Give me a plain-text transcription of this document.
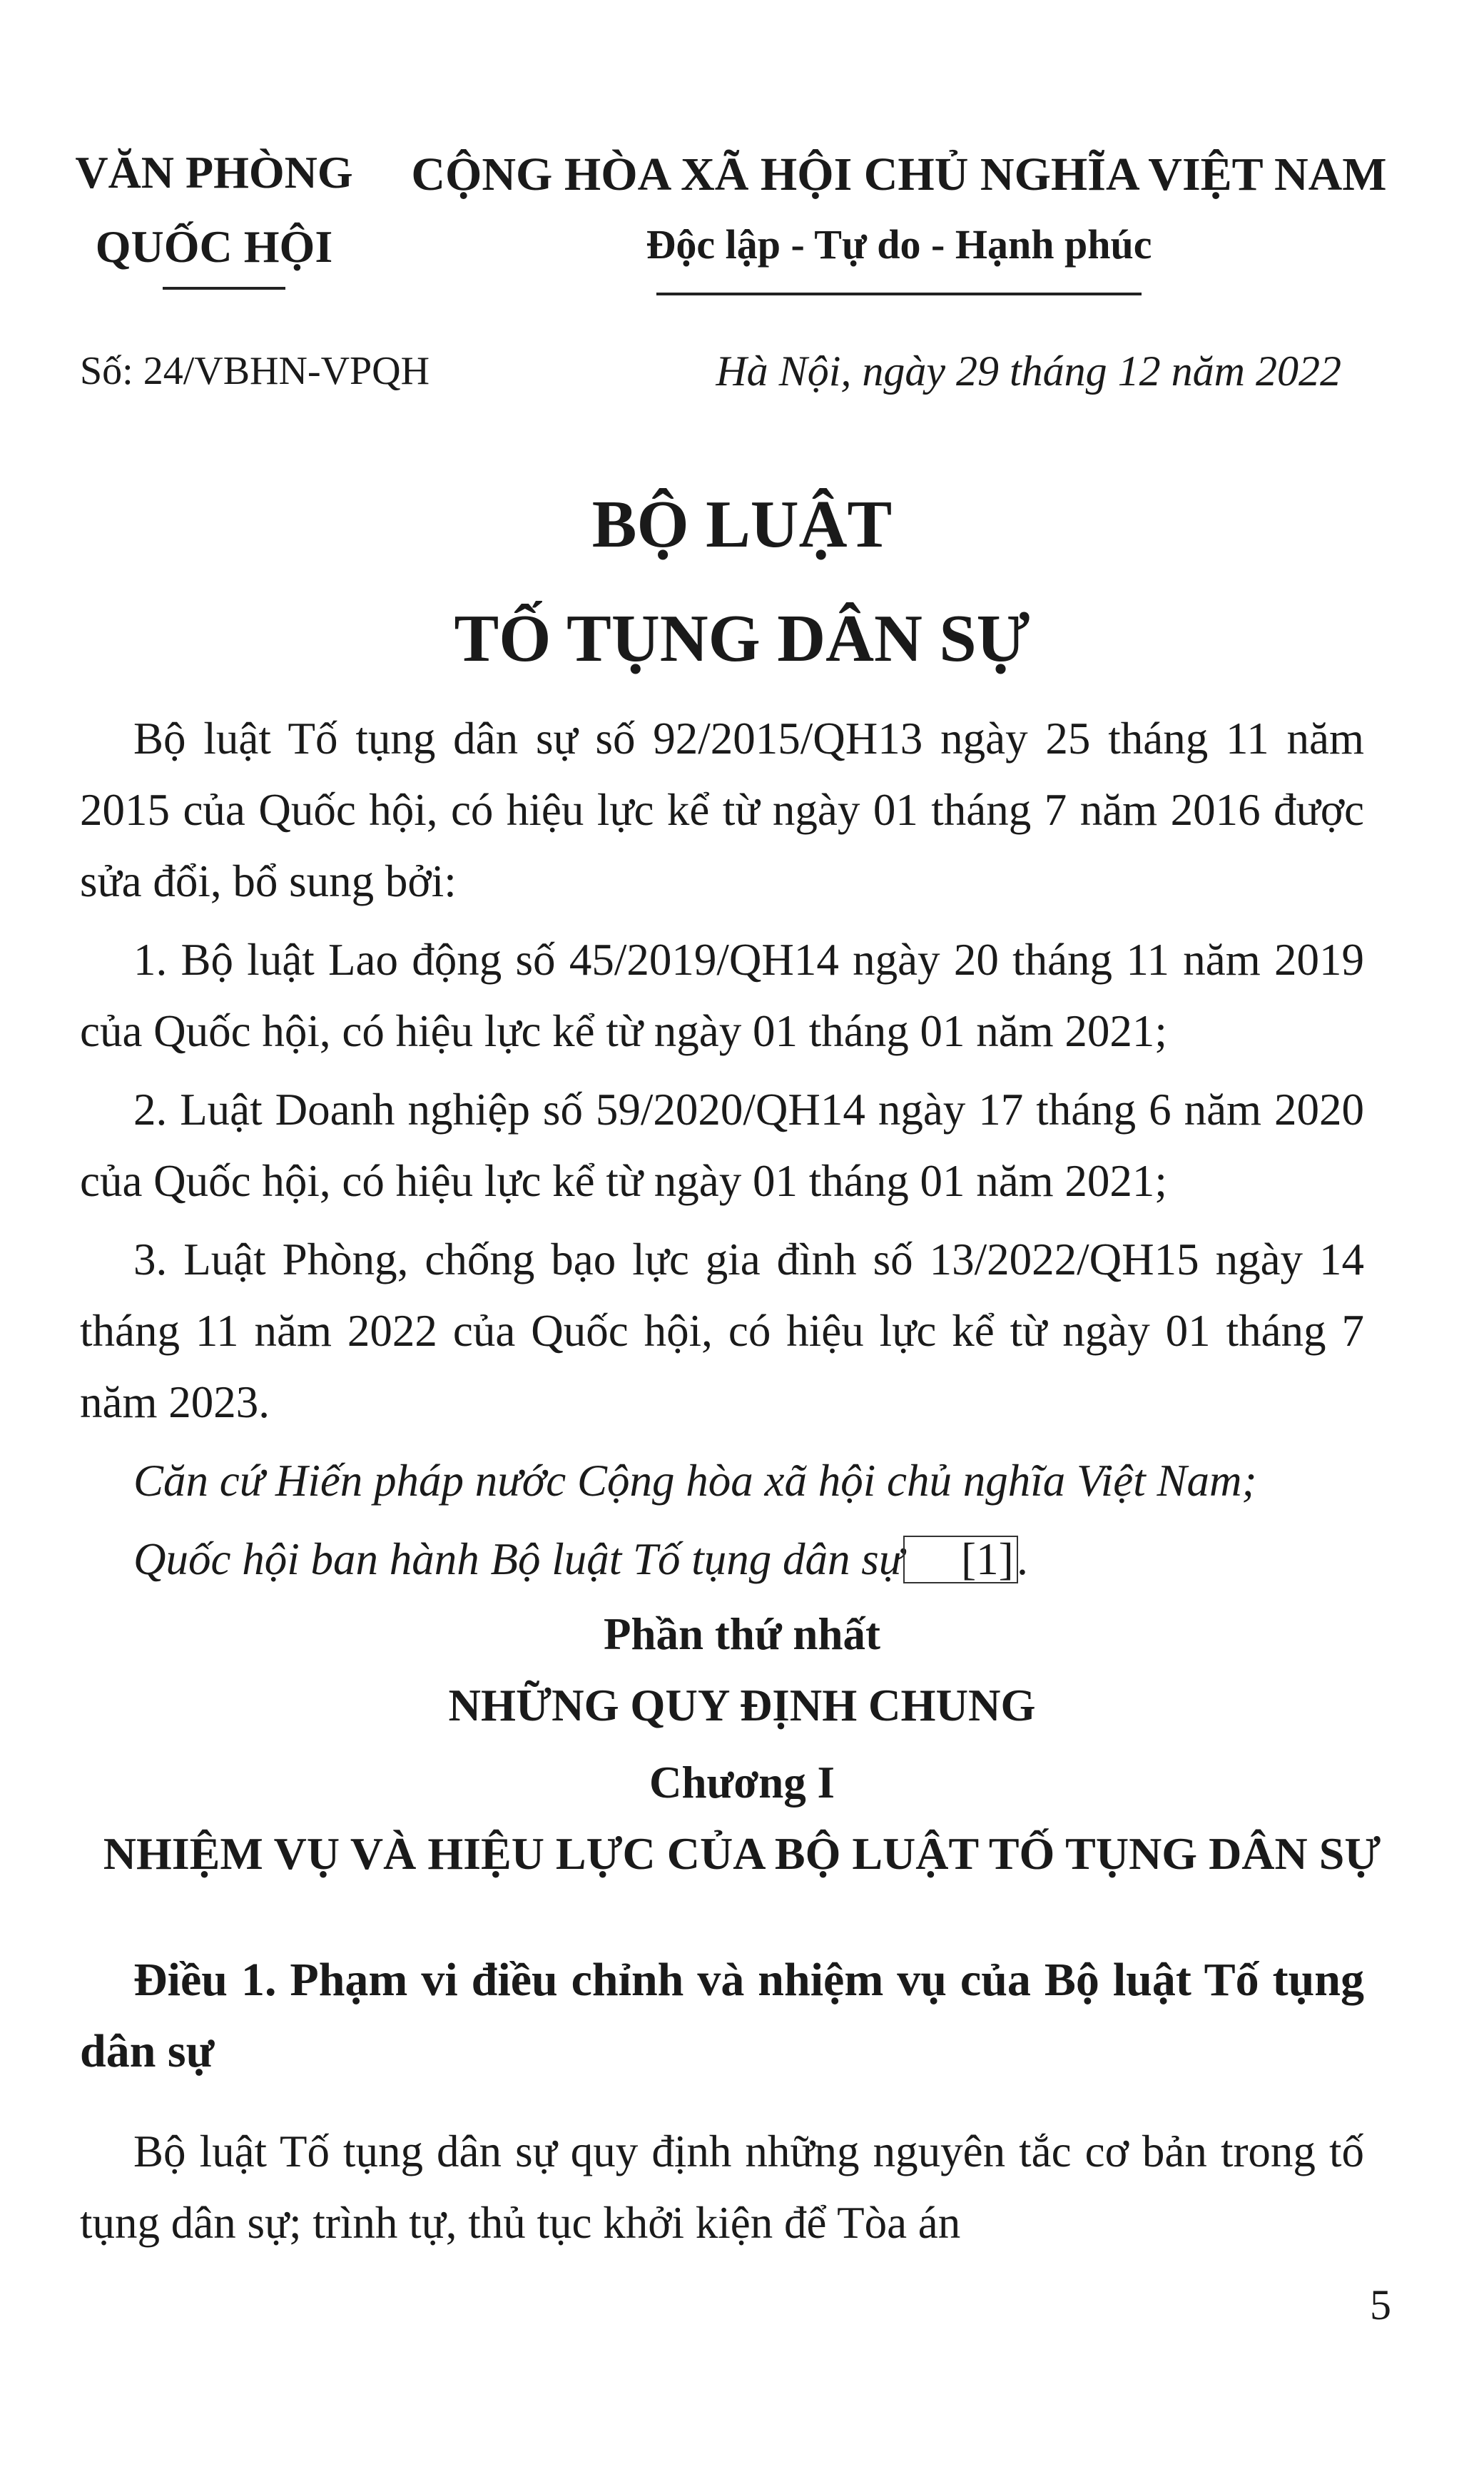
VĂN PHÒNG
QUỐC HỘI
CỘNG HÒA XÃ HỘI CHỦ NGHĨA VIỆT NAM
Độc lập - Tự do - Hạnh phúc
Số: 24/VBHN-VPQH	Hà Nội, ngày 29 tháng 12 năm 2022
BỘ LUẬT
TỐ TỤNG DÂN SỰ

Bộ luật Tố tụng dân sự số 92/2015/QH13 ngày 25 tháng 11 năm 2015 của Quốc hội, có hiệu lực kể từ ngày 01 tháng 7 năm 2016 được sửa đổi, bổ sung bởi:

1. Bộ luật Lao động số 45/2019/QH14 ngày 20 tháng 11 năm 2019 của Quốc hội, có hiệu lực kể từ ngày 01 tháng 01 năm 2021;

2. Luật Doanh nghiệp số 59/2020/QH14 ngày 17 tháng 6 năm 2020 của Quốc hội, có hiệu lực kể từ ngày 01 tháng 01 năm 2021;

3. Luật Phòng, chống bạo lực gia đình số 13/2022/QH15 ngày 14 tháng 11 năm 2022 của Quốc hội, có hiệu lực kể từ ngày 01 tháng 7 năm 2023.

Căn cứ Hiến pháp nước Cộng hòa xã hội chủ nghĩa Việt Nam;

Quốc hội ban hành Bộ luật Tố tụng dân sự [1].

Phần thứ nhất
NHỮNG QUY ĐỊNH CHUNG
Chương I
NHIỆM VỤ VÀ HIỆU LỰC CỦA BỘ LUẬT TỐ TỤNG DÂN SỰ
Điều 1. Phạm vi điều chỉnh và nhiệm vụ của Bộ luật Tố tụng dân sự

Bộ luật Tố tụng dân sự quy định những nguyên tắc cơ bản trong tố tụng dân sự; trình tự, thủ tục khởi kiện để Tòa án

5
